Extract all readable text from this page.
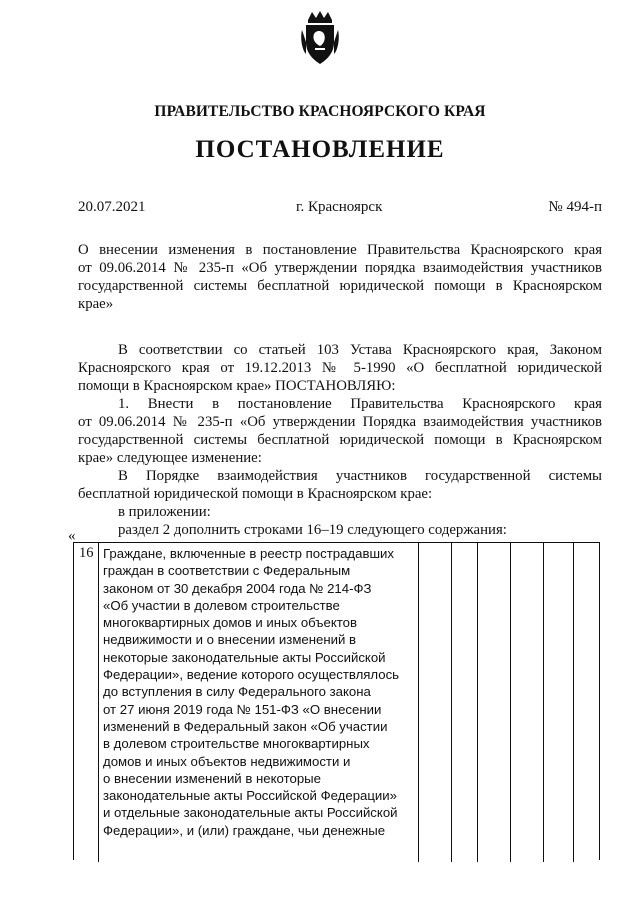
ПРАВИТЕЛЬСТВО КРАСНОЯРСКОГО КРАЯ
ПОСТАНОВЛЕНИЕ
20.07.2021	г. Красноярск	№ 494-п
О внесении изменения в постановление Правительства Красноярского края
от 09.06.2014 № 235-п «Об утверждении порядка взаимодействия участников
государственной системы бесплатной юридической помощи в Красноярском
крае»
В соответствии со статьей 103 Устава Красноярского края, Законом
Красноярского края от 19.12.2013 № 5-1990 «О бесплатной юридической
помощи в Красноярском крае» ПОСТАНОВЛЯЮ:
1. Внести в постановление Правительства Красноярского края
от 09.06.2014 № 235-п «Об утверждении Порядка взаимодействия участников
государственной системы бесплатной юридической помощи в Красноярском
крае» следующее изменение:
В Порядке взаимодействия участников государственной системы
бесплатной юридической помощи в Красноярском крае:
в приложении:
раздел 2 дополнить строками 16–19 следующего содержания:
«
16 Граждане, включенные в реестр пострадавших
граждан в соответствии с Федеральным
законом от 30 декабря 2004 года № 214-ФЗ
«Об участии в долевом строительстве
многоквартирных домов и иных объектов
недвижимости и о внесении изменений в
некоторые законодательные акты Российской
Федерации», ведение которого осуществлялось
до вступления в силу Федерального закона
от 27 июня 2019 года № 151-ФЗ «О внесении
изменений в Федеральный закон «Об участии
в долевом строительстве многоквартирных
домов и иных объектов недвижимости и
о внесении изменений в некоторые
законодательные акты Российской Федерации»
и отдельные законодательные акты Российской
Федерации», и (или) граждане, чьи денежные
